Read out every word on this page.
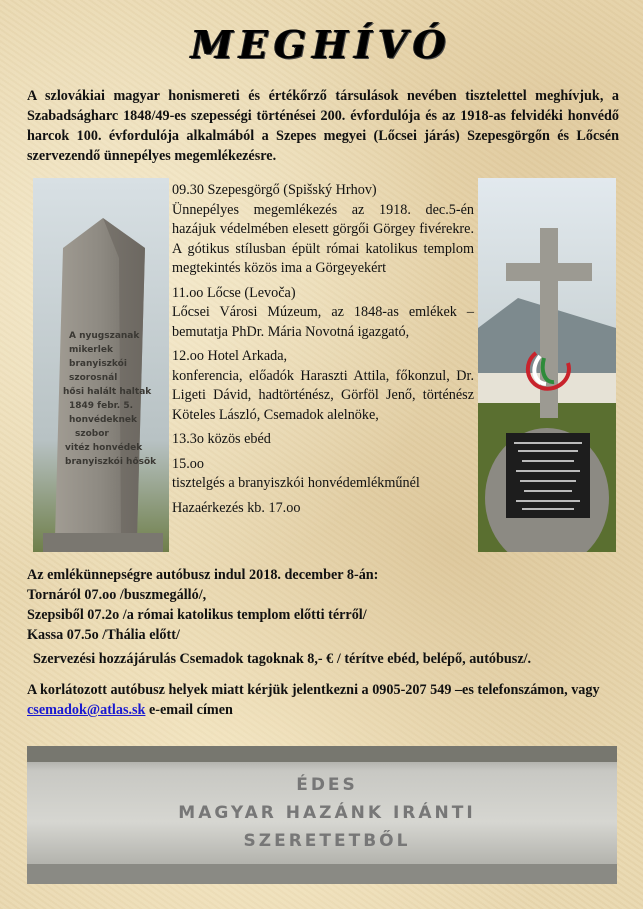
MEGHÍVÓ
A szlovákiai magyar honismereti és értékőrző társulások nevében tisztelettel meghívjuk, a Szabadságharc 1848/49-es szepességi történései 200. évfordulója és az 1918-as felvidéki honvédő harcok 100. évfordulója alkalmából a Szepes megyei (Lőcsei járás) Szepesgörgőn és Lőcsén szervezendő ünnepélyes megemlékezésre.
A nyugszanak
mikerlek
branyiszkói
szorosnál
hősi halált haltak
1849 febr. 5.
honvédeknek
szobor
vitéz honvédek
branyiszkói hősök

09.30 Szepesgörgő (Spišský Hrhov)
Ünnepélyes megemlékezés az 1918. dec.5-én hazájuk védelmében elesett görgői Görgey fivérekre. A gótikus stílusban épült római katolikus templom megtekintés közös ima a Görgeyekért

11.oo Lőcse (Levoča)
Lőcsei Városi Múzeum, az 1848-as emlékek – bemutatja PhDr. Mária Novotná igazgató,

12.oo Hotel Arkada,
konferencia, előadók Haraszti Attila, főkonzul, Dr. Ligeti Dávid, hadtörténész, Görföl Jenő, történész Köteles László, Csemadok alelnöke,

13.3o közös ebéd

15.oo
tisztelgés a branyiszkói honvédemlékműnél

Hazaérkezés kb. 17.oo

Az emlékünnepségre autóbusz indul 2018. december 8-án:

Tornáról 07.oo /buszmegálló/,

Szepsiből 07.2o /a római katolikus templom előtti térről/

Kassa 07.5o /Thália előtt/

Szervezési hozzájárulás Csemadok tagoknak 8,- € / térítve ebéd, belépő, autóbusz/.
A korlátozott autóbusz helyek miatt kérjük jelentkezni a 0905-207 549 –es telefonszámon, vagy csemadok@atlas.sk e-email címen
ÉDES
MAGYAR HAZÁNK IRÁNTI
SZERETETBŐL
